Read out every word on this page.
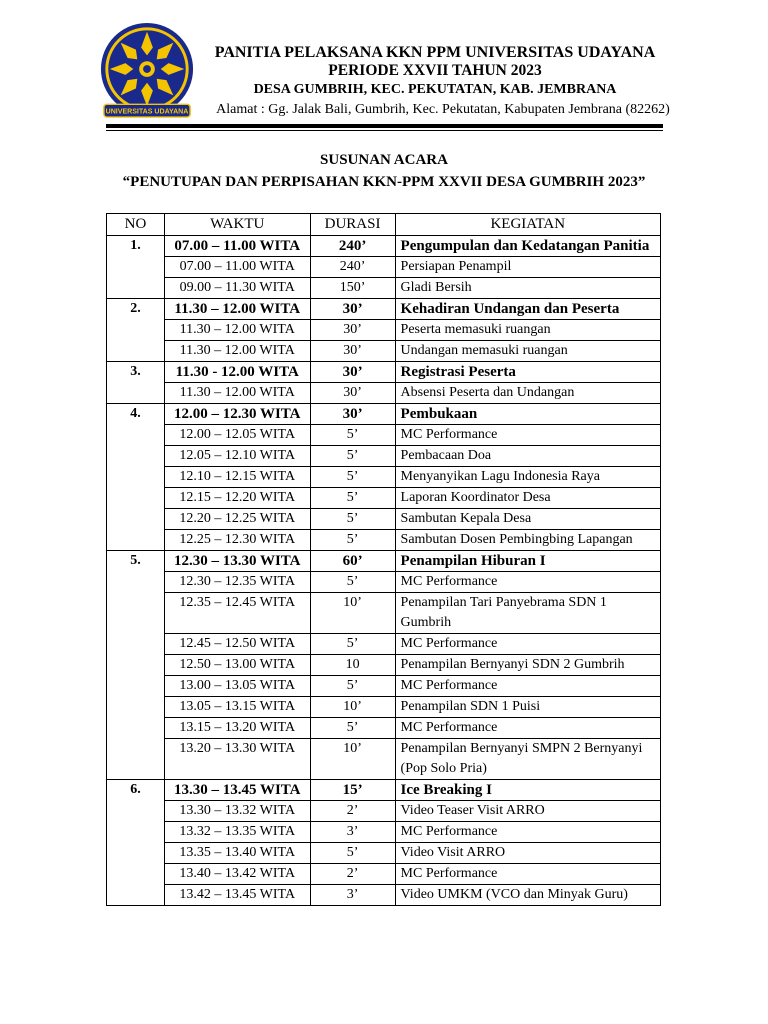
UNIVERSITAS UDAYANA
PANITIA PELAKSANA KKN PPM UNIVERSITAS UDAYANA
PERIODE XXVII TAHUN 2023
DESA GUMBRIH, KEC. PEKUTATAN, KAB. JEMBRANA
Alamat : Gg. Jalak Bali, Gumbrih, Kec. Pekutatan, Kabupaten Jembrana (82262)
SUSUNAN ACARA
“PENUTUPAN DAN PERPISAHAN KKN-PPM XXVII DESA GUMBRIH 2023”
NO	WAKTU	DURASI	KEGIATAN
1.	07.00 – 11.00 WITA	240’	Pengumpulan dan Kedatangan Panitia
	07.00 – 11.00 WITA	240’	Persiapan Penampil
	09.00 – 11.30 WITA	150’	Gladi Bersih
2.	11.30 – 12.00 WITA	30’	Kehadiran Undangan dan Peserta
	11.30 – 12.00 WITA	30’	Peserta memasuki ruangan
	11.30 – 12.00 WITA	30’	Undangan memasuki ruangan
3.	11.30 - 12.00 WITA	30’	Registrasi Peserta
	11.30 – 12.00 WITA	30’	Absensi Peserta dan Undangan
4.	12.00 – 12.30 WITA	30’	Pembukaan
	12.00 – 12.05 WITA	5’	MC Performance
	12.05 – 12.10 WITA	5’	Pembacaan Doa
	12.10 – 12.15 WITA	5’	Menyanyikan Lagu Indonesia Raya
	12.15 – 12.20 WITA	5’	Laporan Koordinator Desa
	12.20 – 12.25 WITA	5’	Sambutan Kepala Desa
	12.25 – 12.30 WITA	5’	Sambutan Dosen Pembingbing Lapangan
5.	12.30 – 13.30 WITA	60’	Penampilan Hiburan I
	12.30 – 12.35 WITA	5’	MC Performance
	12.35 – 12.45 WITA	10’	Penampilan Tari Panyebrama SDN 1 Gumbrih
	12.45 – 12.50 WITA	5’	MC Performance
	12.50 – 13.00 WITA	10	Penampilan Bernyanyi SDN 2 Gumbrih
	13.00 – 13.05 WITA	5’	MC Performance
	13.05 – 13.15 WITA	10’	Penampilan SDN 1 Puisi
	13.15 – 13.20 WITA	5’	MC Performance
	13.20 – 13.30 WITA	10’	Penampilan Bernyanyi SMPN 2 Bernyanyi (Pop Solo Pria)
6.	13.30 – 13.45 WITA	15’	Ice Breaking I
	13.30 – 13.32 WITA	2’	Video Teaser Visit ARRO
	13.32 – 13.35 WITA	3’	MC Performance
	13.35 – 13.40 WITA	5’	Video Visit ARRO
	13.40 – 13.42 WITA	2’	MC Performance
	13.42 – 13.45 WITA	3’	Video UMKM (VCO dan Minyak Guru)
